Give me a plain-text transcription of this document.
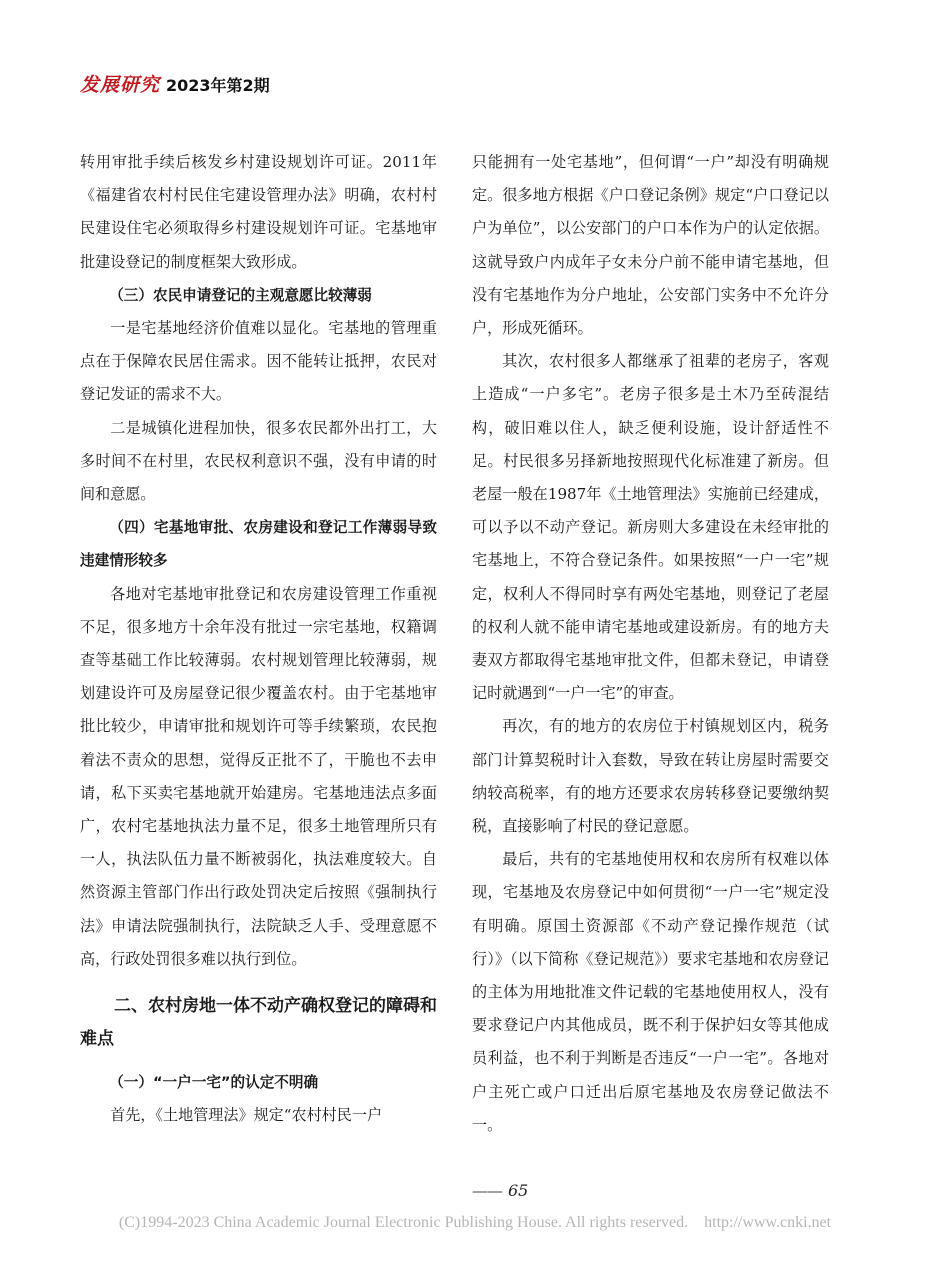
发展研究 2023年第2期

转用审批手续后核发乡村建设规划许可证。2011年《福建省农村村民住宅建设管理办法》明确，农村村民建设住宅必须取得乡村建设规划许可证。宅基地审批建设登记的制度框架大致形成。

（三）农民申请登记的主观意愿比较薄弱

一是宅基地经济价值难以显化。宅基地的管理重点在于保障农民居住需求。因不能转让抵押，农民对登记发证的需求不大。

二是城镇化进程加快，很多农民都外出打工，大多时间不在村里，农民权利意识不强，没有申请的时间和意愿。

（四）宅基地审批、农房建设和登记工作薄弱导致违建情形较多

各地对宅基地审批登记和农房建设管理工作重视不足，很多地方十余年没有批过一宗宅基地，权籍调查等基础工作比较薄弱。农村规划管理比较薄弱，规划建设许可及房屋登记很少覆盖农村。由于宅基地审批比较少，申请审批和规划许可等手续繁琐，农民抱着法不责众的思想，觉得反正批不了，干脆也不去申请，私下买卖宅基地就开始建房。宅基地违法点多面广，农村宅基地执法力量不足，很多土地管理所只有一人，执法队伍力量不断被弱化，执法难度较大。自然资源主管部门作出行政处罚决定后按照《强制执行法》申请法院强制执行，法院缺乏人手、受理意愿不高，行政处罚很多难以执行到位。

二、农村房地一体不动产确权登记的障碍和难点

（一）“一户一宅”的认定不明确

首先，《土地管理法》规定“农村村民一户

只能拥有一处宅基地”，但何谓“一户”却没有明确规定。很多地方根据《户口登记条例》规定“户口登记以户为单位”，以公安部门的户口本作为户的认定依据。这就导致户内成年子女未分户前不能申请宅基地，但没有宅基地作为分户地址，公安部门实务中不允许分户，形成死循环。

其次，农村很多人都继承了祖辈的老房子，客观上造成“一户多宅”。老房子很多是土木乃至砖混结构，破旧难以住人，缺乏便利设施，设计舒适性不足。村民很多另择新地按照现代化标准建了新房。但老屋一般在1987年《土地管理法》实施前已经建成，可以予以不动产登记。新房则大多建设在未经审批的宅基地上，不符合登记条件。如果按照“一户一宅”规定，权利人不得同时享有两处宅基地，则登记了老屋的权利人就不能申请宅基地或建设新房。有的地方夫妻双方都取得宅基地审批文件，但都未登记，申请登记时就遇到“一户一宅”的审查。

再次，有的地方的农房位于村镇规划区内，税务部门计算契税时计入套数，导致在转让房屋时需要交纳较高税率，有的地方还要求农房转移登记要缴纳契税，直接影响了村民的登记意愿。

最后，共有的宅基地使用权和农房所有权难以体现，宅基地及农房登记中如何贯彻“一户一宅”规定没有明确。原国土资源部《不动产登记操作规范（试行）》（以下简称《登记规范》）要求宅基地和农房登记的主体为用地批准文件记载的宅基地使用权人，没有要求登记户内其他成员，既不利于保护妇女等其他成员利益，也不利于判断是否违反“一户一宅”。各地对户主死亡或户口迁出后原宅基地及农房登记做法不一。

—— 65
(C)1994-2023 China Academic Journal Electronic Publishing House. All rights reserved.    http://www.cnki.net
